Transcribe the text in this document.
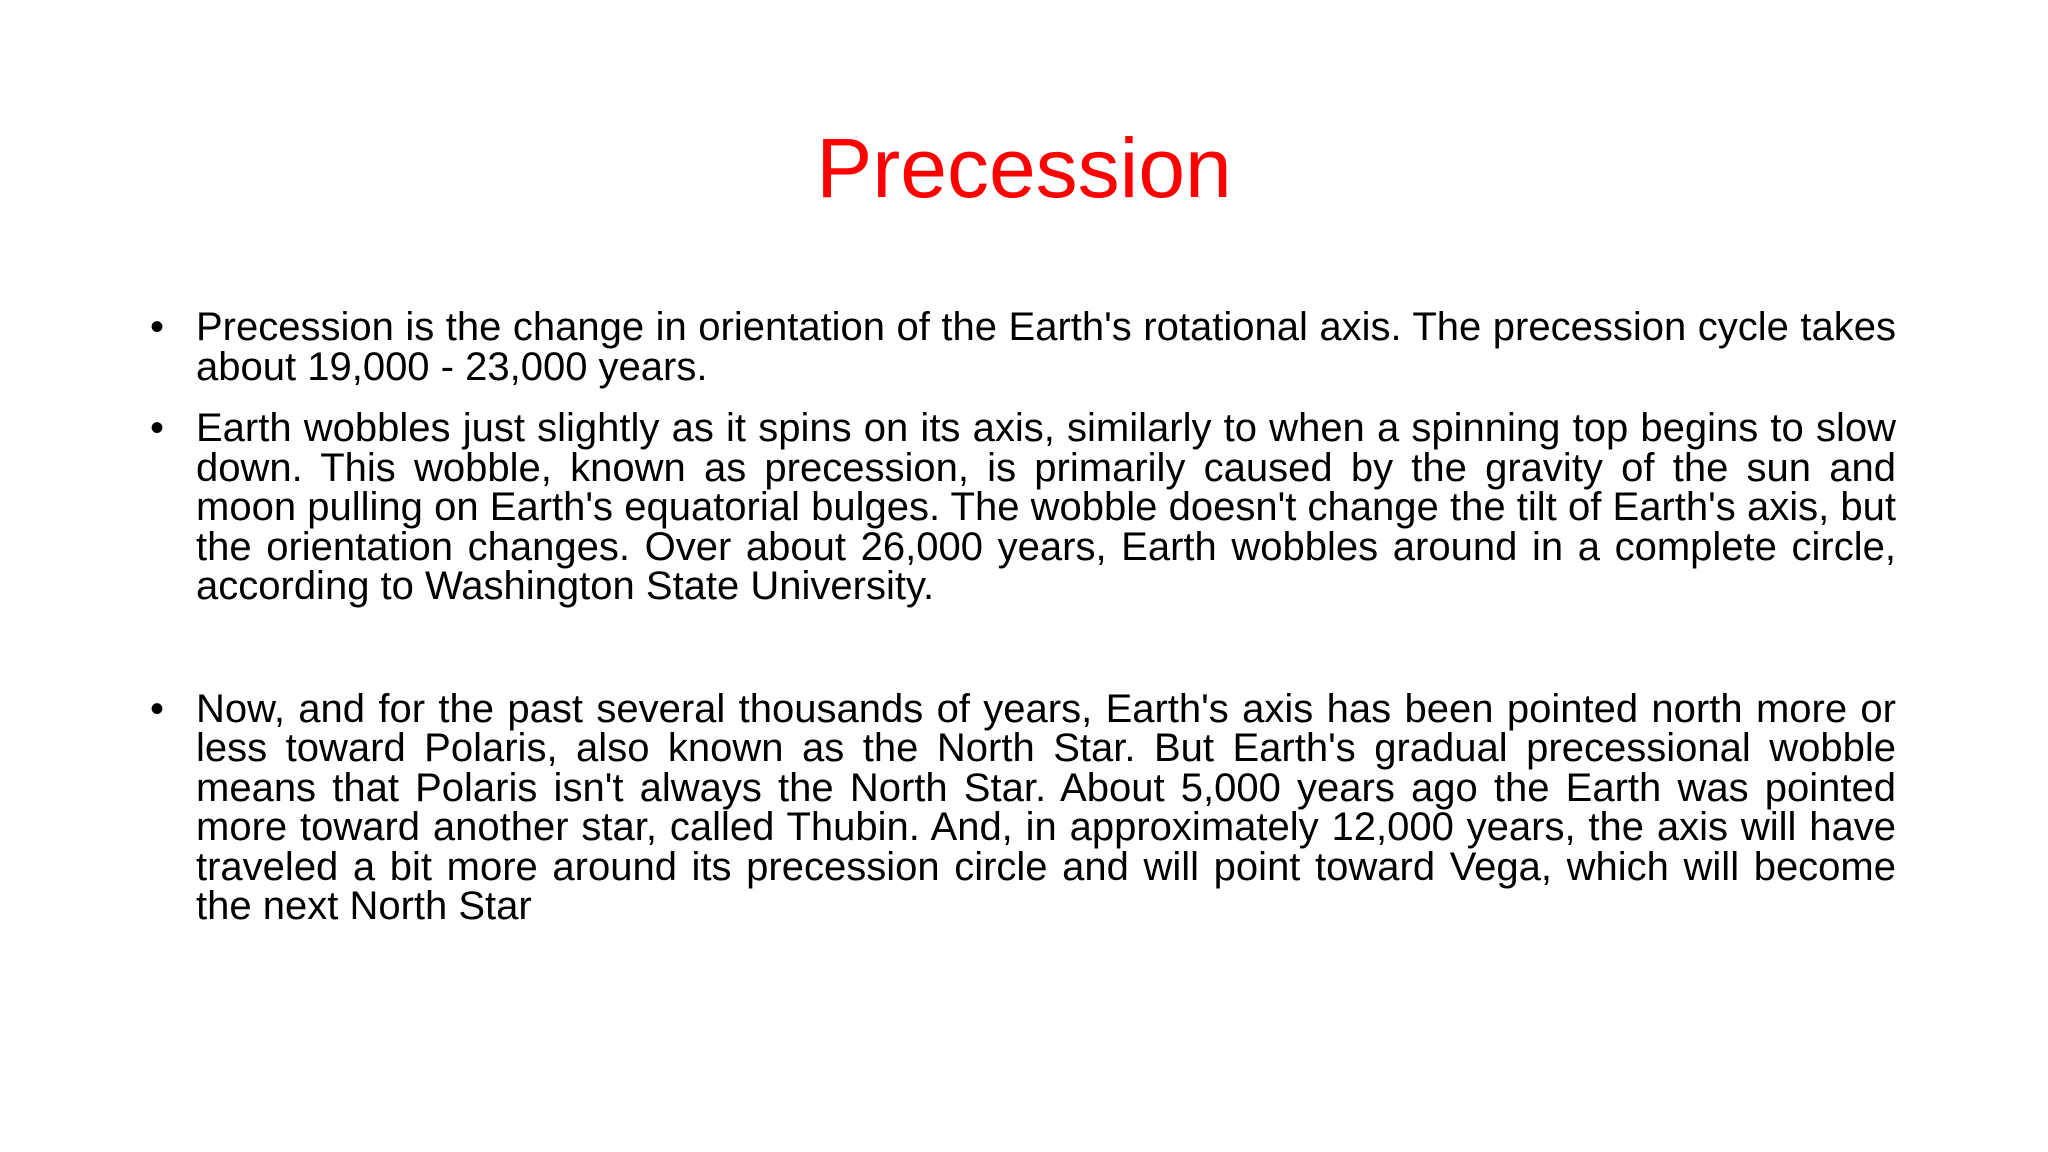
Precession
• Precession is the change in orientation of the Earth's rotational axis. The precession cycle takes about 19,000 - 23,000 years.
• Earth wobbles just slightly as it spins on its axis, similarly to when a spinning top begins to slow down. This wobble, known as precession, is primarily caused by the gravity of the sun and moon pulling on Earth's equatorial bulges. The wobble doesn't change the tilt of Earth's axis, but the orientation changes. Over about 26,000 years, Earth wobbles around in a complete circle, according to Washington State University.
• Now, and for the past several thousands of years, Earth's axis has been pointed north more or less toward Polaris, also known as the North Star. But Earth's gradual precessional wobble means that Polaris isn't always the North Star. About 5,000 years ago the Earth was pointed more toward another star, called Thubin. And, in approximately 12,000 years, the axis will have traveled a bit more around its precession circle and will point toward Vega, which will become the next North Star
